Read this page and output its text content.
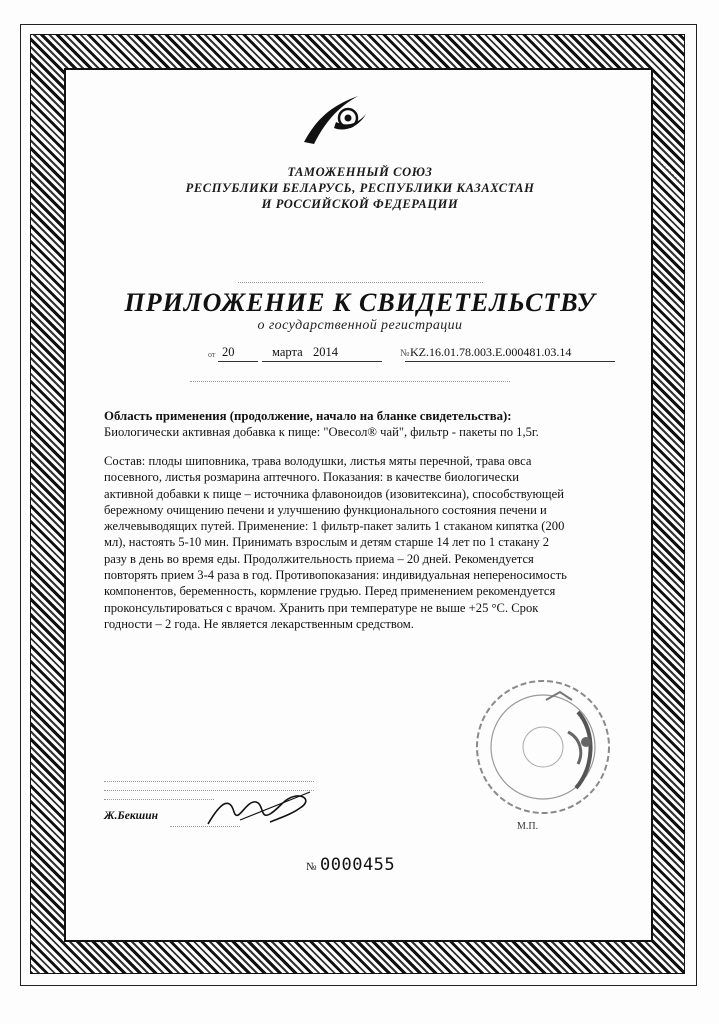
ТАМОЖЕННЫЙ СОЮЗ
РЕСПУБЛИКИ БЕЛАРУСЬ, РЕСПУБЛИКИ КАЗАХСТАН
И РОССИЙСКОЙ ФЕДЕРАЦИИ
ПРИЛОЖЕНИЕ К СВИДЕТЕЛЬСТВУ
о государственной регистрации
от 20	марта 2014	№ KZ.16.01.78.003.Е.000481.03.14
Область применения (продолжение, начало на бланке свидетельства):
Биологически активная добавка к пище: "Овесол® чай", фильтр - пакеты по 1,5г.

Состав: плоды шиповника, трава володушки, листья мяты перечной, трава овса

посевного, листья розмарина аптечного. Показания: в качестве биологически

активной добавки к пище – источника флавоноидов (изовитексина), способствующей

бережному очищению печени и улучшению функционального состояния печени и

желчевыводящих путей. Применение: 1 фильтр-пакет залить 1 стаканом кипятка (200

мл), настоять 5-10 мин. Принимать взрослым и детям старше 14 лет по 1 стакану 2

разу в день во время еды. Продолжительность приема – 20 дней. Рекомендуется

повторять прием 3-4 раза в год. Противопоказания: индивидуальная непереносимость

компонентов, беременность, кормление грудью. Перед применением рекомендуется

проконсультироваться с врачом. Хранить при температуре не выше +25 °С. Срок

годности – 2 года. Не является лекарственным средством.

Ж.Бекшин
М.П.
№ 0000455
